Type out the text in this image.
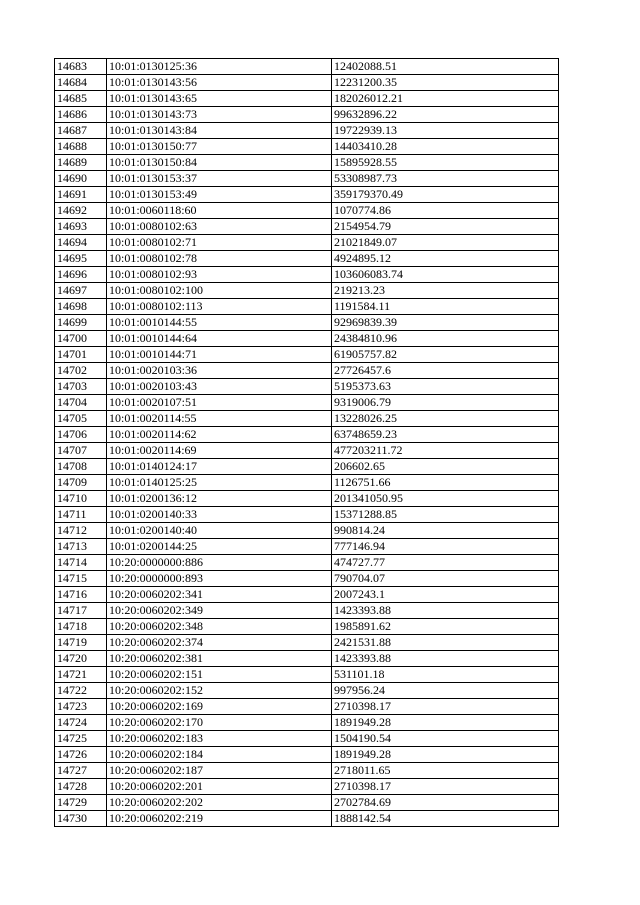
14683	10:01:0130125:36	12402088.51
14684	10:01:0130143:56	12231200.35
14685	10:01:0130143:65	182026012.21
14686	10:01:0130143:73	99632896.22
14687	10:01:0130143:84	19722939.13
14688	10:01:0130150:77	14403410.28
14689	10:01:0130150:84	15895928.55
14690	10:01:0130153:37	53308987.73
14691	10:01:0130153:49	359179370.49
14692	10:01:0060118:60	1070774.86
14693	10:01:0080102:63	2154954.79
14694	10:01:0080102:71	21021849.07
14695	10:01:0080102:78	4924895.12
14696	10:01:0080102:93	103606083.74
14697	10:01:0080102:100	219213.23
14698	10:01:0080102:113	1191584.11
14699	10:01:0010144:55	92969839.39
14700	10:01:0010144:64	24384810.96
14701	10:01:0010144:71	61905757.82
14702	10:01:0020103:36	27726457.6
14703	10:01:0020103:43	5195373.63
14704	10:01:0020107:51	9319006.79
14705	10:01:0020114:55	13228026.25
14706	10:01:0020114:62	63748659.23
14707	10:01:0020114:69	477203211.72
14708	10:01:0140124:17	206602.65
14709	10:01:0140125:25	1126751.66
14710	10:01:0200136:12	201341050.95
14711	10:01:0200140:33	15371288.85
14712	10:01:0200140:40	990814.24
14713	10:01:0200144:25	777146.94
14714	10:20:0000000:886	474727.77
14715	10:20:0000000:893	790704.07
14716	10:20:0060202:341	2007243.1
14717	10:20:0060202:349	1423393.88
14718	10:20:0060202:348	1985891.62
14719	10:20:0060202:374	2421531.88
14720	10:20:0060202:381	1423393.88
14721	10:20:0060202:151	531101.18
14722	10:20:0060202:152	997956.24
14723	10:20:0060202:169	2710398.17
14724	10:20:0060202:170	1891949.28
14725	10:20:0060202:183	1504190.54
14726	10:20:0060202:184	1891949.28
14727	10:20:0060202:187	2718011.65
14728	10:20:0060202:201	2710398.17
14729	10:20:0060202:202	2702784.69
14730	10:20:0060202:219	1888142.54
